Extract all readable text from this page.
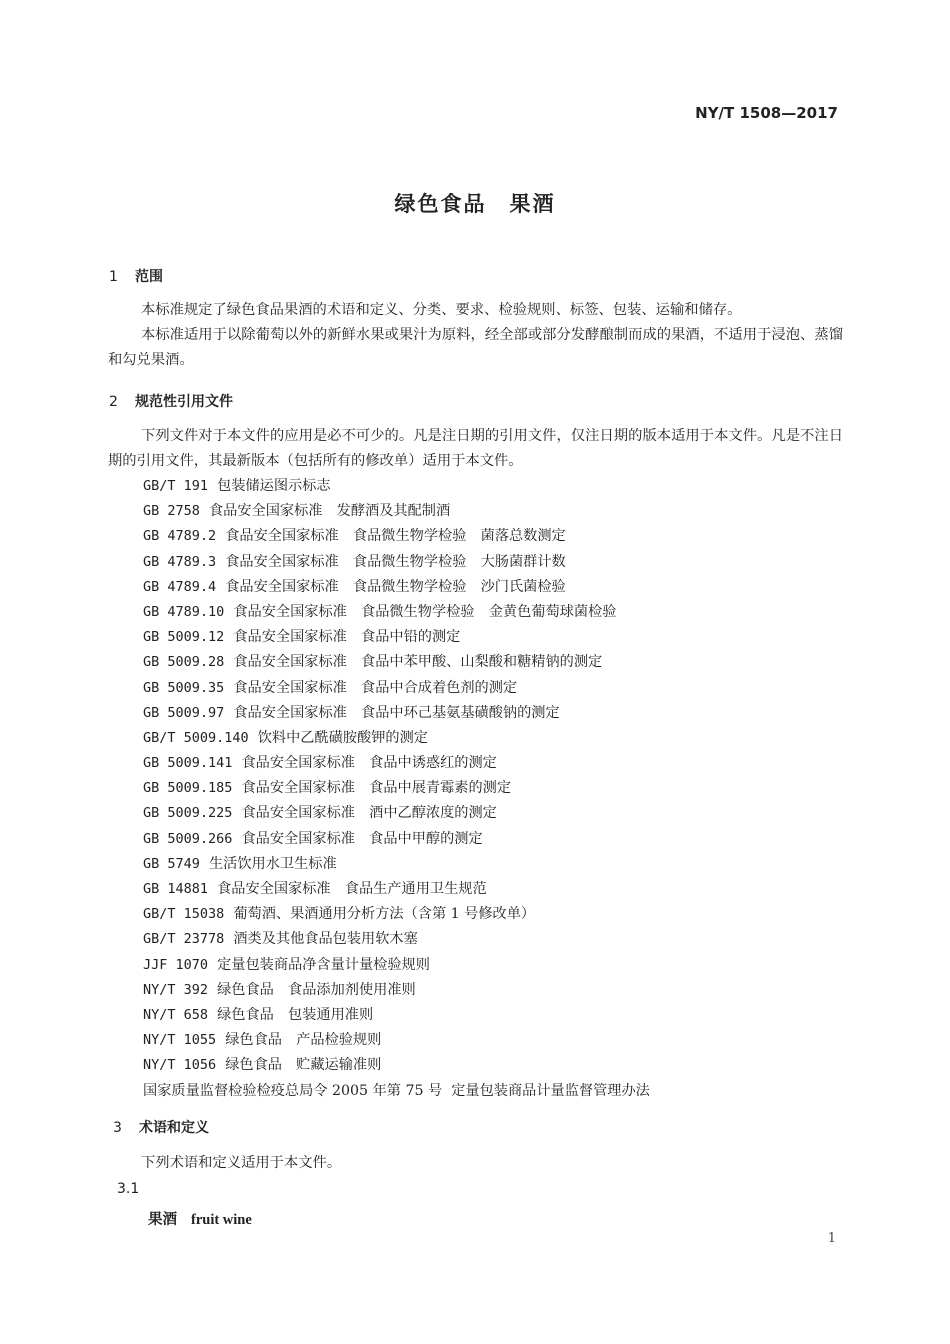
NY/T 1508—2017
绿色食品　果酒
1 范围
本标准规定了绿色食品果酒的术语和定义、分类、要求、检验规则、标签、包装、运输和储存。
本标准适用于以除葡萄以外的新鲜水果或果汁为原料，经全部或部分发酵酿制而成的果酒，不适用于浸泡、蒸馏和勾兑果酒。
2 规范性引用文件
下列文件对于本文件的应用是必不可少的。凡是注日期的引用文件，仅注日期的版本适用于本文件。凡是不注日期的引用文件，其最新版本（包括所有的修改单）适用于本文件。
GB/T 191 包装储运图示标志
GB 2758 食品安全国家标准　发酵酒及其配制酒
GB 4789.2 食品安全国家标准　食品微生物学检验　菌落总数测定
GB 4789.3 食品安全国家标准　食品微生物学检验　大肠菌群计数
GB 4789.4 食品安全国家标准　食品微生物学检验　沙门氏菌检验
GB 4789.10 食品安全国家标准　食品微生物学检验　金黄色葡萄球菌检验
GB 5009.12 食品安全国家标准　食品中铅的测定
GB 5009.28 食品安全国家标准　食品中苯甲酸、山梨酸和糖精钠的测定
GB 5009.35 食品安全国家标准　食品中合成着色剂的测定
GB 5009.97 食品安全国家标准　食品中环己基氨基磺酸钠的测定
GB/T 5009.140 饮料中乙酰磺胺酸钾的测定
GB 5009.141 食品安全国家标准　食品中诱惑红的测定
GB 5009.185 食品安全国家标准　食品中展青霉素的测定
GB 5009.225 食品安全国家标准　酒中乙醇浓度的测定
GB 5009.266 食品安全国家标准　食品中甲醇的测定
GB 5749 生活饮用水卫生标准
GB 14881 食品安全国家标准　食品生产通用卫生规范
GB/T 15038 葡萄酒、果酒通用分析方法（含第 1 号修改单）
GB/T 23778 酒类及其他食品包装用软木塞
JJF 1070 定量包装商品净含量计量检验规则
NY/T 392 绿色食品　食品添加剂使用准则
NY/T 658 绿色食品　包装通用准则
NY/T 1055 绿色食品　产品检验规则
NY/T 1056 绿色食品　贮藏运输准则
国家质量监督检验检疫总局令 2005 年第 75 号 定量包装商品计量监督管理办法
3 术语和定义
下列术语和定义适用于本文件。
3.1
果酒 fruit wine
1
